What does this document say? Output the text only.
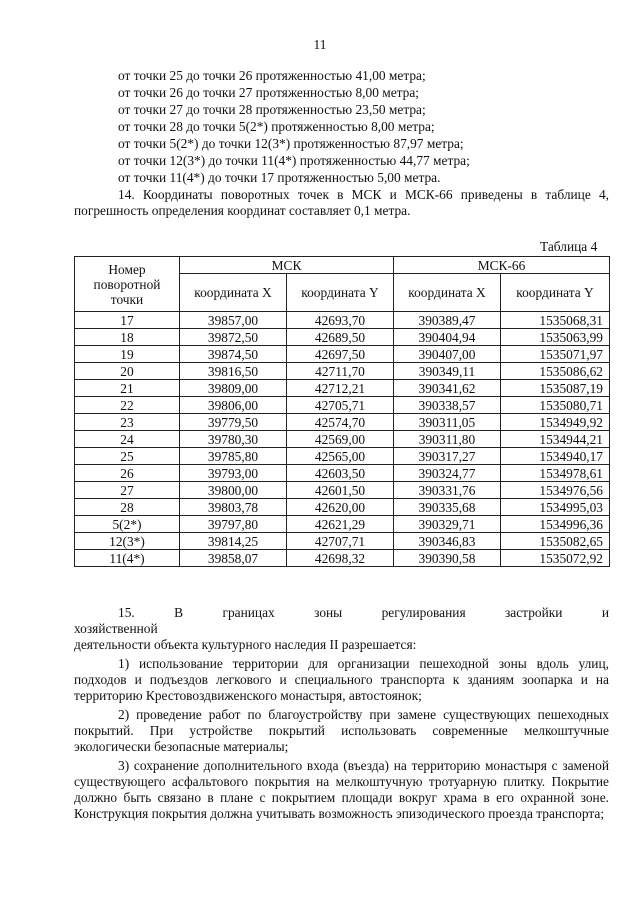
11
от точки 25 до точки 26 протяженностью 41,00 метра;
от точки 26 до точки 27 протяженностью 8,00 метра;
от точки 27 до точки 28 протяженностью 23,50 метра;
от точки 28 до точки 5(2*) протяженностью 8,00 метра;
от точки 5(2*) до точки 12(3*) протяженностью 87,97 метра;
от точки 12(3*) до точки 11(4*) протяженностью 44,77 метра;
от точки 11(4*) до точки 17 протяженностью 5,00 метра.
14. Координаты поворотных точек в МСК и МСК-66 приведены в таблице 4,
погрешность определения координат составляет 0,1 метра.
Таблица 4
Номер
поворотной
точки	МСК		МСК-66	
	координата X	координата Y	координата X	координата Y
17	39857,00	42693,70	390389,47	1535068,31
18	39872,50	42689,50	390404,94	1535063,99
19	39874,50	42697,50	390407,00	1535071,97
20	39816,50	42711,70	390349,11	1535086,62
21	39809,00	42712,21	390341,62	1535087,19
22	39806,00	42705,71	390338,57	1535080,71
23	39779,50	42574,70	390311,05	1534949,92
24	39780,30	42569,00	390311,80	1534944,21
25	39785,80	42565,00	390317,27	1534940,17
26	39793,00	42603,50	390324,77	1534978,61
27	39800,00	42601,50	390331,76	1534976,56
28	39803,78	42620,00	390335,68	1534995,03
5(2*)	39797,80	42621,29	390329,71	1534996,36
12(3*)	39814,25	42707,71	390346,83	1535082,65
11(4*)	39858,07	42698,32	390390,58	1535072,92

15. В границах зоны регулирования застройки и хозяйственной

деятельности объекта культурного наследия II разрешается:

1) использование территории для организации пешеходной зоны вдоль улиц, подходов и подъездов легкового и специального транспорта к зданиям зоопарка и на территорию Крестовоздвиженского монастыря, автостоянок;

2) проведение работ по благоустройству при замене существующих пешеходных покрытий. При устройстве покрытий использовать современные мелкоштучные экологически безопасные материалы;

3) сохранение дополнительного входа (въезда) на территорию монастыря с заменой существующего асфальтового покрытия на мелкоштучную тротуарную плитку. Покрытие должно быть связано в плане с покрытием площади вокруг храма в его охранной зоне. Конструкция покрытия должна учитывать возможность эпизодического проезда транспорта;
